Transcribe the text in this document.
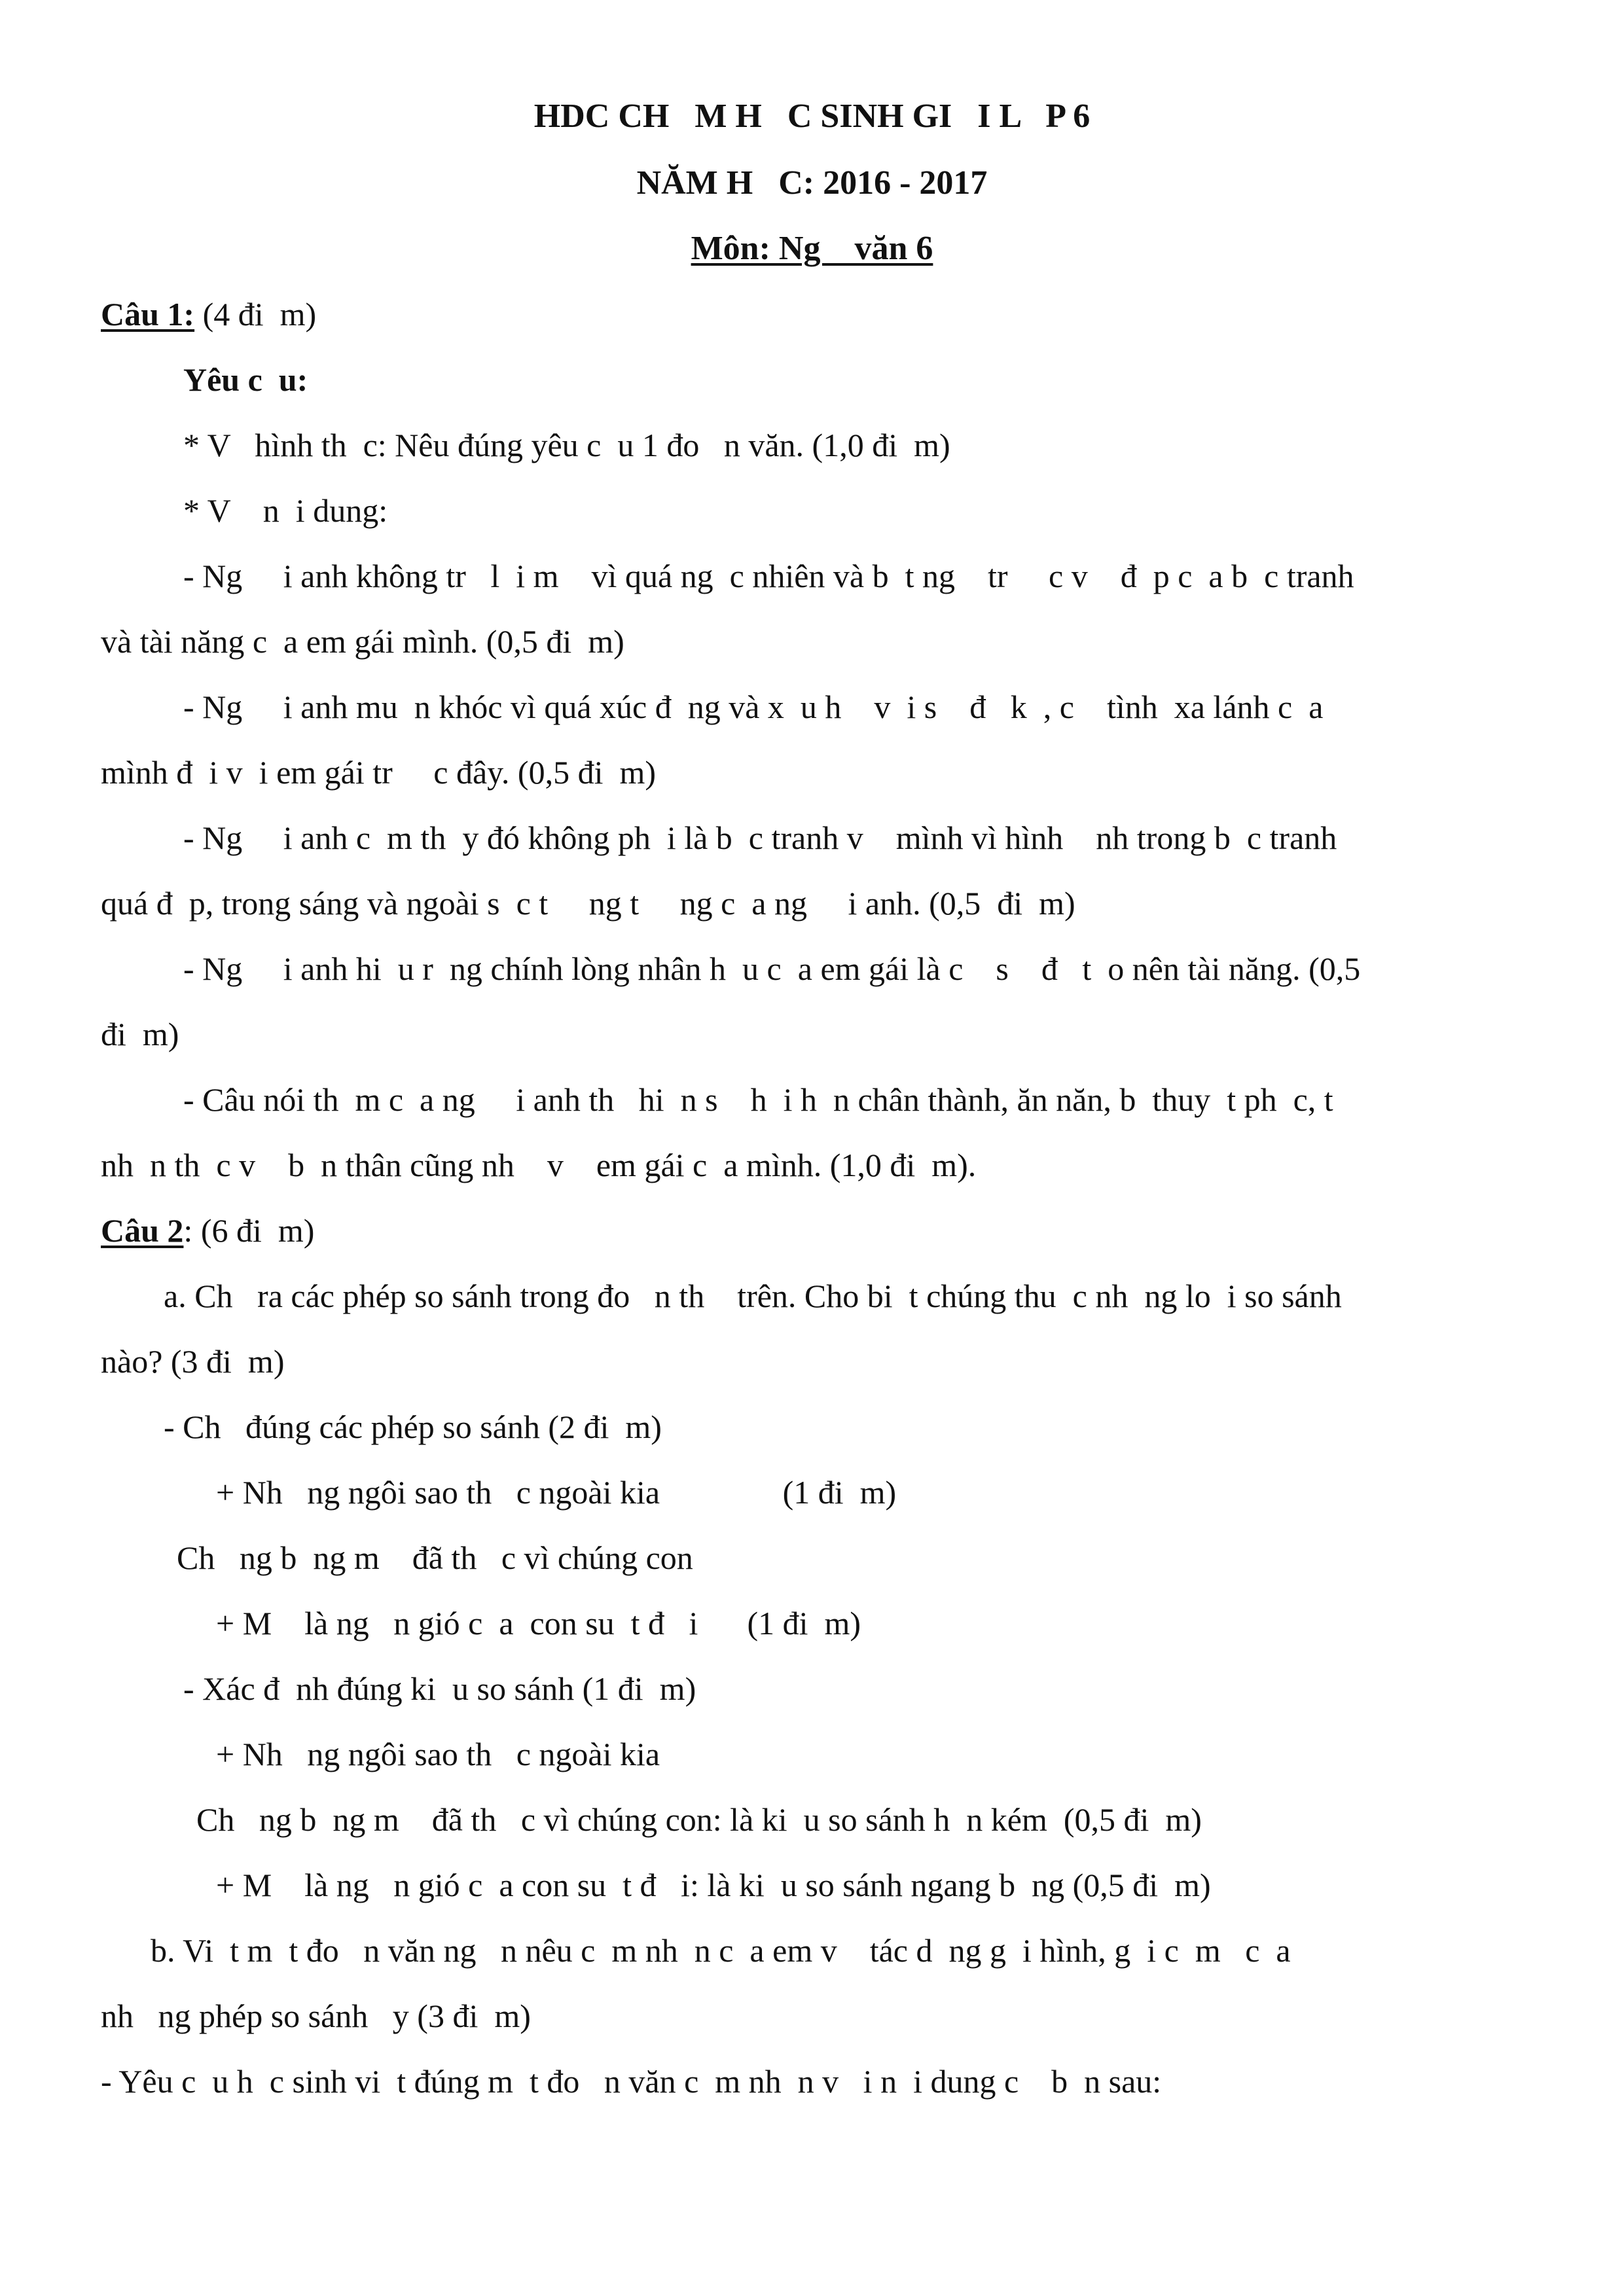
HDC CH   M H   C SINH GI   I L   P 6
NĂM H   C: 2016 - 2017
Môn: Ng    văn 6
Câu 1: (4 đi  m)
Yêu c  u:
* V   hình th  c: Nêu đúng yêu c  u 1 đo   n văn. (1,0 đi  m)
* V    n  i dung:
- Ng     i anh không tr   l  i m    vì quá ng  c nhiên và b  t ng    tr     c v    đ  p c  a b  c tranh
và tài năng c  a em gái mình. (0,5 đi  m)
- Ng     i anh mu  n khóc vì quá xúc đ  ng và x  u h    v  i s    đ   k  , c    tình  xa lánh c  a
mình đ  i v  i em gái tr     c đây. (0,5 đi  m)
- Ng     i anh c  m th  y đó không ph  i là b  c tranh v    mình vì hình    nh trong b  c tranh
quá đ  p, trong sáng và ngoài s  c t     ng t     ng c  a ng     i anh. (0,5  đi  m)
- Ng     i anh hi  u r  ng chính lòng nhân h  u c  a em gái là c    s    đ   t  o nên tài năng. (0,5
đi  m)
- Câu nói th  m c  a ng     i anh th   hi  n s    h  i h  n chân thành, ăn năn, b  thuy  t ph  c, t
nh  n th  c v    b  n thân cũng nh    v    em gái c  a mình. (1,0 đi  m).
Câu 2: (6 đi  m)
a. Ch   ra các phép so sánh trong đo   n th    trên. Cho bi  t chúng thu  c nh  ng lo  i so sánh
nào? (3 đi  m)
- Ch   đúng các phép so sánh (2 đi  m)
+ Nh   ng ngôi sao th   c ngoài kia               (1 đi  m)
Ch   ng b  ng m    đã th   c vì chúng con
+ M    là ng   n gió c  a  con su  t đ   i      (1 đi  m)
- Xác đ  nh đúng ki  u so sánh (1 đi  m)
+ Nh   ng ngôi sao th   c ngoài kia
Ch   ng b  ng m    đã th   c vì chúng con: là ki  u so sánh h  n kém  (0,5 đi  m)
+ M    là ng   n gió c  a con su  t đ   i: là ki  u so sánh ngang b  ng (0,5 đi  m)
b. Vi  t m  t đo   n văn ng   n nêu c  m nh  n c  a em v    tác d  ng g  i hình, g  i c  m   c  a
nh   ng phép so sánh   y (3 đi  m)
- Yêu c  u h  c sinh vi  t đúng m  t đo   n văn c  m nh  n v   i n  i dung c    b  n sau:
